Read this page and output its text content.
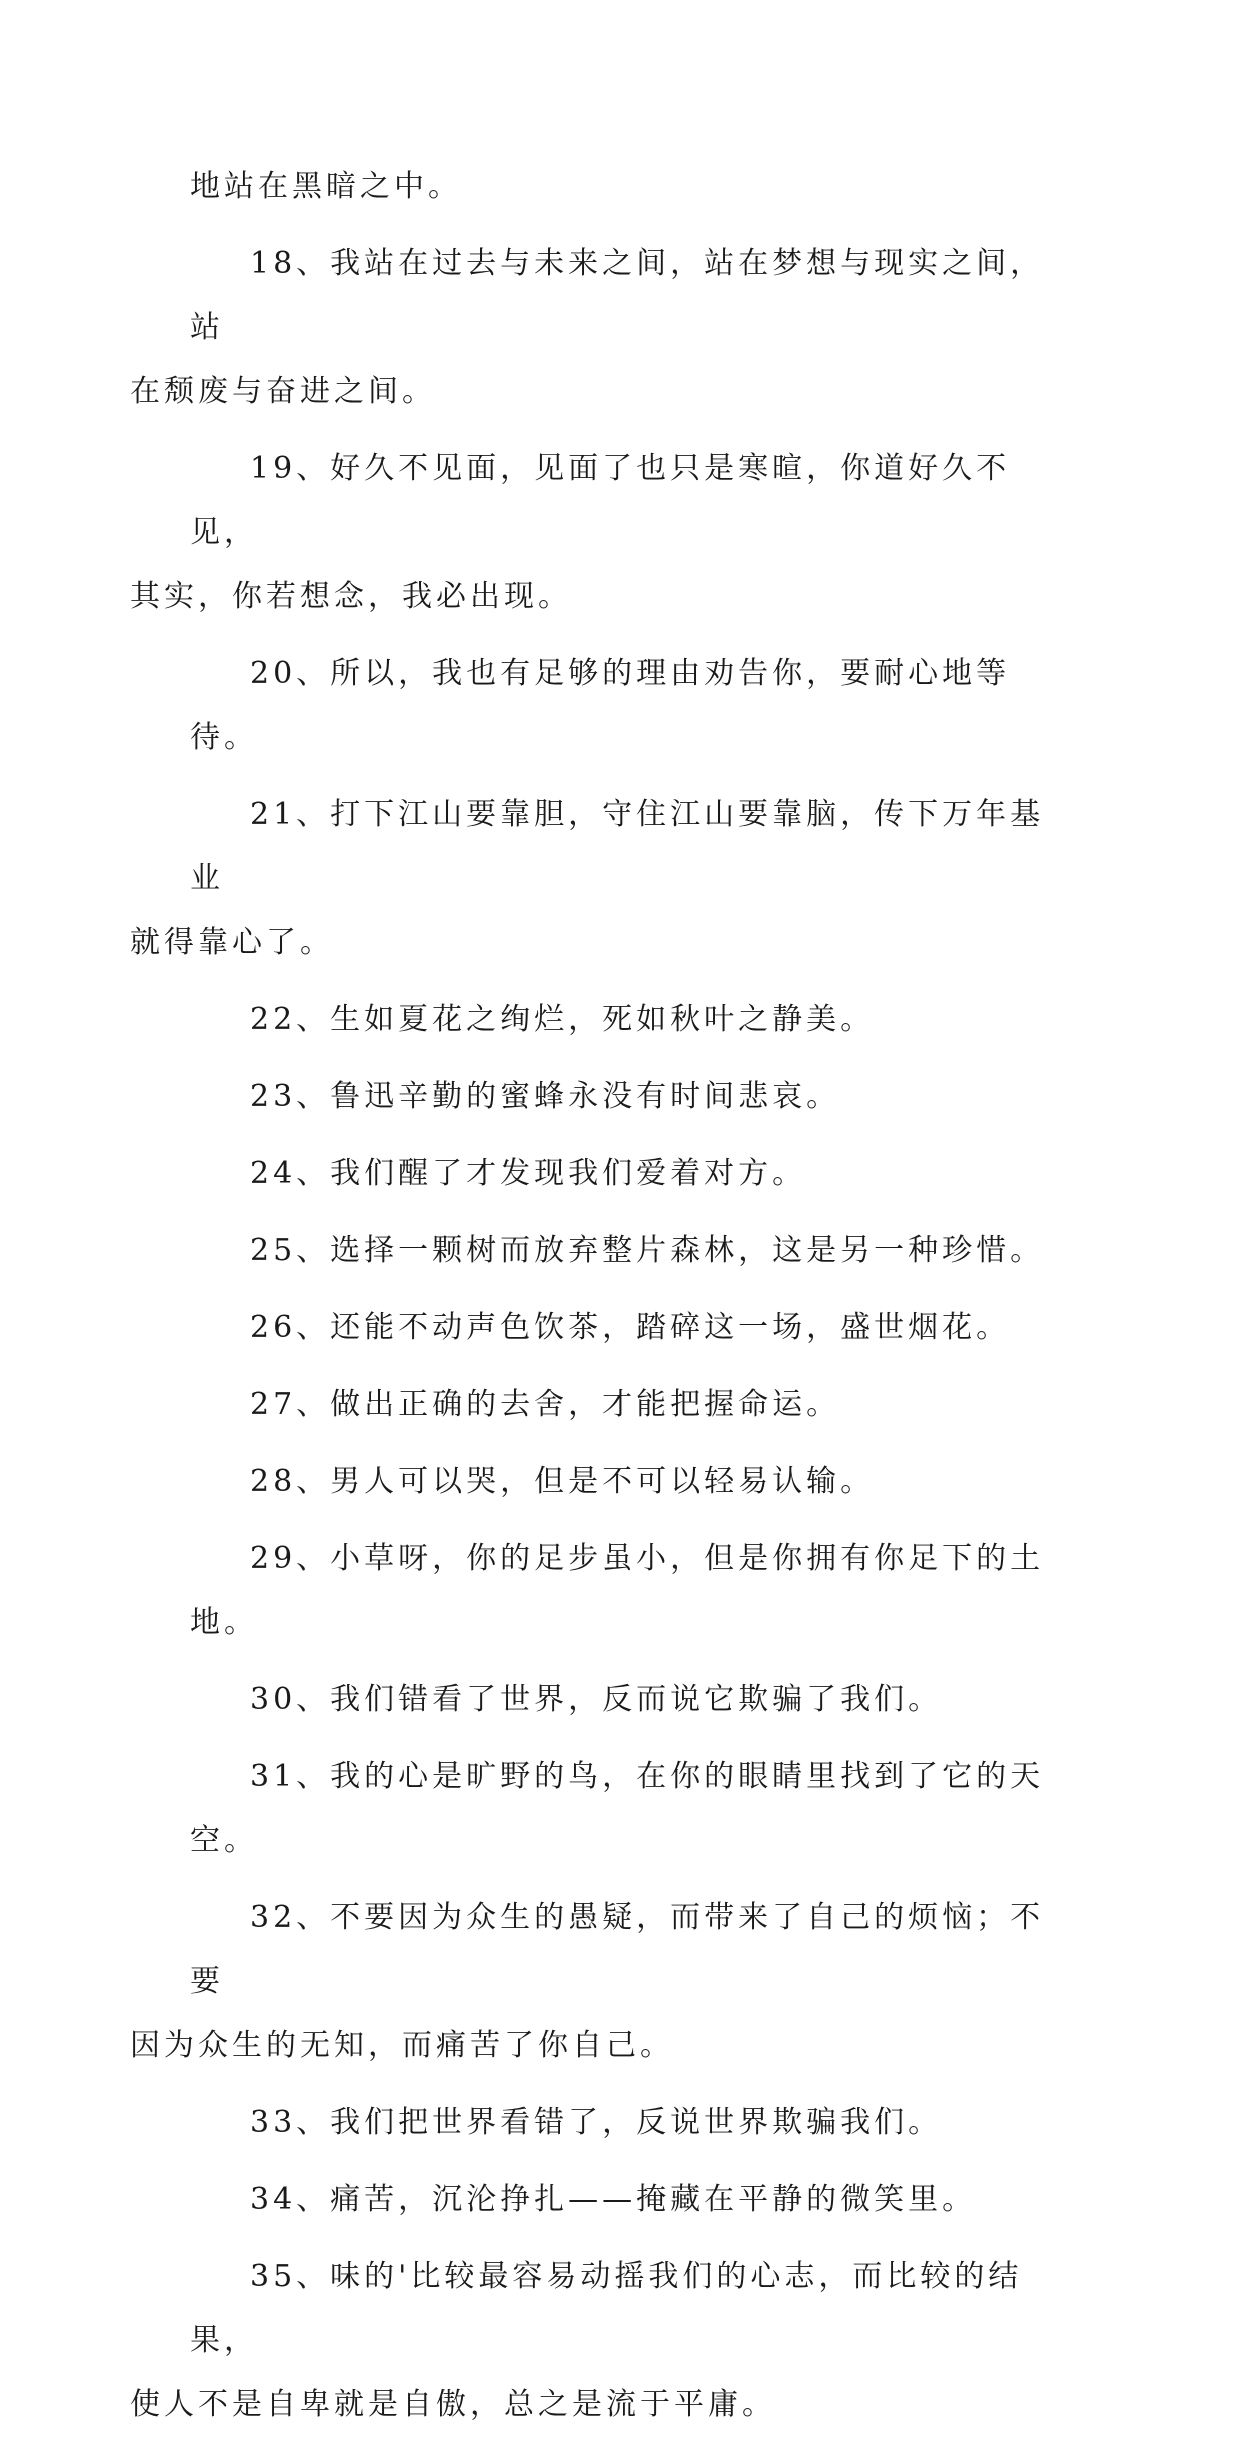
地站在黑暗之中。

18、我站在过去与未来之间，站在梦想与现实之间，站
在颓废与奋进之间。

19、好久不见面，见面了也只是寒暄，你道好久不见，
其实，你若想念，我必出现。

20、所以，我也有足够的理由劝告你，要耐心地等待。

21、打下江山要靠胆，守住江山要靠脑，传下万年基业
就得靠心了。

22、生如夏花之绚烂，死如秋叶之静美。

23、鲁迅辛勤的蜜蜂永没有时间悲哀。

24、我们醒了才发现我们爱着对方。

25、选择一颗树而放弃整片森林，这是另一种珍惜。

26、还能不动声色饮茶，踏碎这一场，盛世烟花。

27、做出正确的去舍，才能把握命运。

28、男人可以哭，但是不可以轻易认输。

29、小草呀，你的足步虽小，但是你拥有你足下的土地。

30、我们错看了世界，反而说它欺骗了我们。

31、我的心是旷野的鸟，在你的眼睛里找到了它的天空。

32、不要因为众生的愚疑，而带来了自己的烦恼；不要
因为众生的无知，而痛苦了你自己。

33、我们把世界看错了，反说世界欺骗我们。

34、痛苦，沉沦挣扎——掩藏在平静的微笑里。

35、味的'比较最容易动摇我们的心志，而比较的结果，
使人不是自卑就是自傲，总之是流于平庸。
